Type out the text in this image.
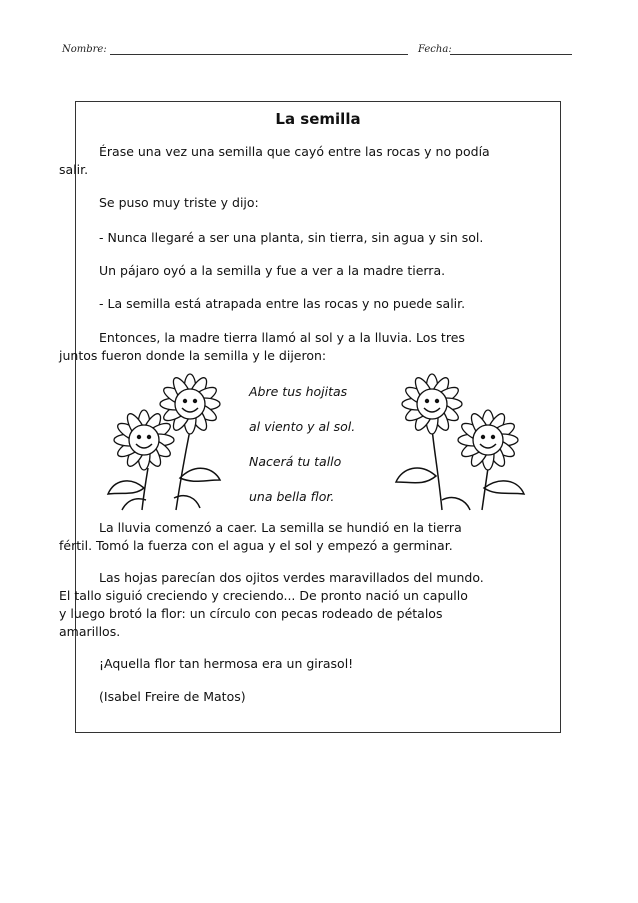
Nombre:	Fecha:
La semilla
Érase una vez una semilla que cayó entre las rocas y no podía
salir.
Se puso muy triste y dijo:
- Nunca llegaré a ser una planta, sin tierra, sin agua y sin sol.
Un pájaro oyó a la semilla y fue a ver a la madre tierra.
- La semilla está atrapada entre las rocas y no puede salir.
Entonces, la madre tierra llamó al sol y a la lluvia. Los tres
juntos fueron donde la semilla y le dijeron:
Abre tus hojitas
al viento y al sol.
Nacerá tu tallo
una bella flor.
La lluvia comenzó a caer. La semilla se hundió en la tierra
fértil. Tomó la fuerza con el agua y el sol y empezó a germinar.
Las hojas parecían dos ojitos verdes maravillados del mundo.
El tallo siguió creciendo y creciendo... De pronto nació un capullo
y luego brotó la flor: un círculo con pecas rodeado de pétalos
amarillos.
¡Aquella flor tan hermosa era un girasol!
(Isabel Freire de Matos)
